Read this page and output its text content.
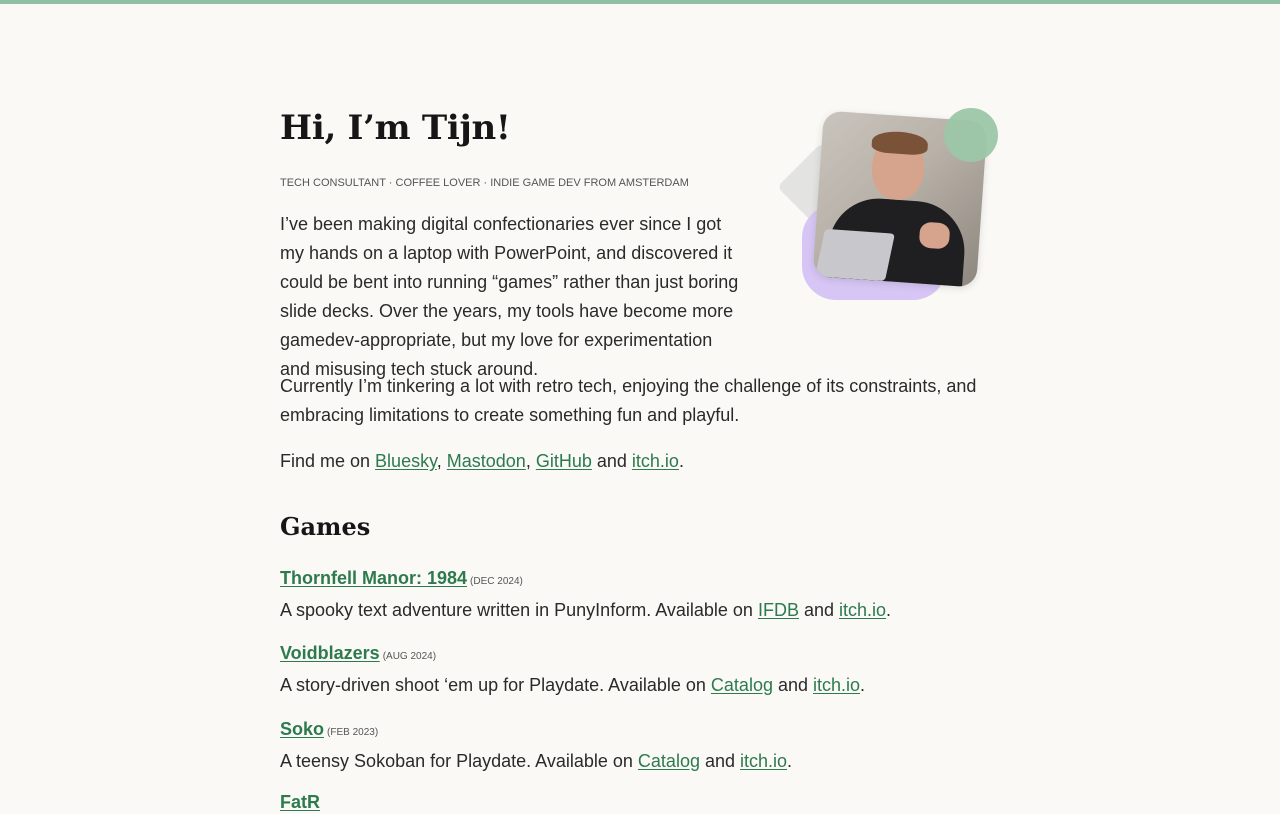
Hi, I’m Tijn!

TECH CONSULTANT · COFFEE LOVER · INDIE GAME DEV FROM AMSTERDAM

I’ve been making digital confectionaries ever since I got my hands on a laptop with PowerPoint, and discovered it could be bent into running “games” rather than just boring slide decks. Over the years, my tools have become more gamedev-appropriate, but my love for experimentation and misusing tech stuck around.

Currently I’m tinkering a lot with retro tech, enjoying the challenge of its constraints, and embracing limitations to create something fun and playful.

Find me on Bluesky, Mastodon, GitHub and itch.io.

Games
Thornfell Manor: 1984 (DEC 2024)
A spooky text adventure written in PunyInform. Available on IFDB and itch.io.
Voidblazers (AUG 2024)
A story-driven shoot ‘em up for Playdate. Available on Catalog and itch.io.
Soko (FEB 2023)
A teensy Sokoban for Playdate. Available on Catalog and itch.io.
FatR
